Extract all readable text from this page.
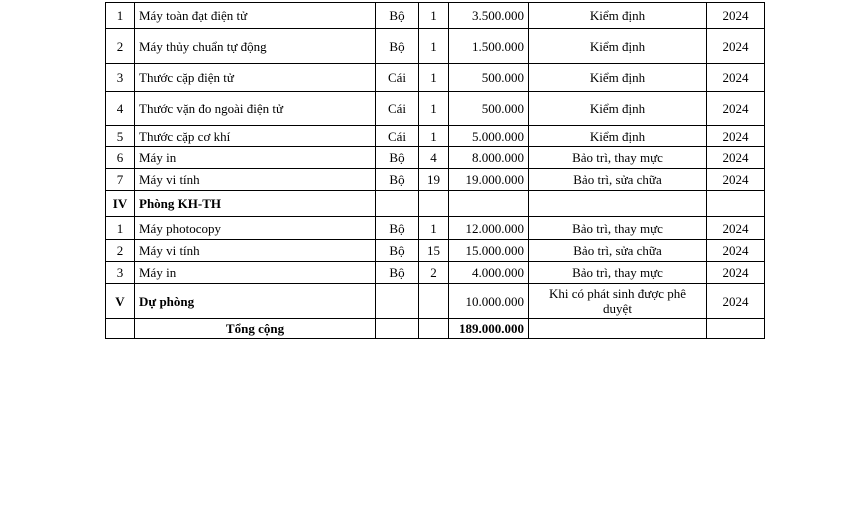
1	Máy toàn đạt điện tử	Bộ	1	3.500.000	Kiểm định	2024
2	Máy thủy chuẩn tự động	Bộ	1	1.500.000	Kiểm định	2024
3	Thước cặp điện tử	Cái	1	500.000	Kiểm định	2024
4	Thước vặn đo ngoài điện tử	Cái	1	500.000	Kiểm định	2024
5	Thước cặp cơ khí	Cái	1	5.000.000	Kiểm định	2024
6	Máy in	Bộ	4	8.000.000	Bảo trì, thay mực	2024
7	Máy vi tính	Bộ	19	19.000.000	Bảo trì, sửa chữa	2024
IV	Phòng KH-TH					
1	Máy photocopy	Bộ	1	12.000.000	Bảo trì, thay mực	2024
2	Máy vi tính	Bộ	15	15.000.000	Bảo trì, sửa chữa	2024
3	Máy in	Bộ	2	4.000.000	Bảo trì, thay mực	2024
V	Dự phòng			10.000.000	Khi có phát sinh được phê duyệt	2024
	Tổng cộng			189.000.000		
